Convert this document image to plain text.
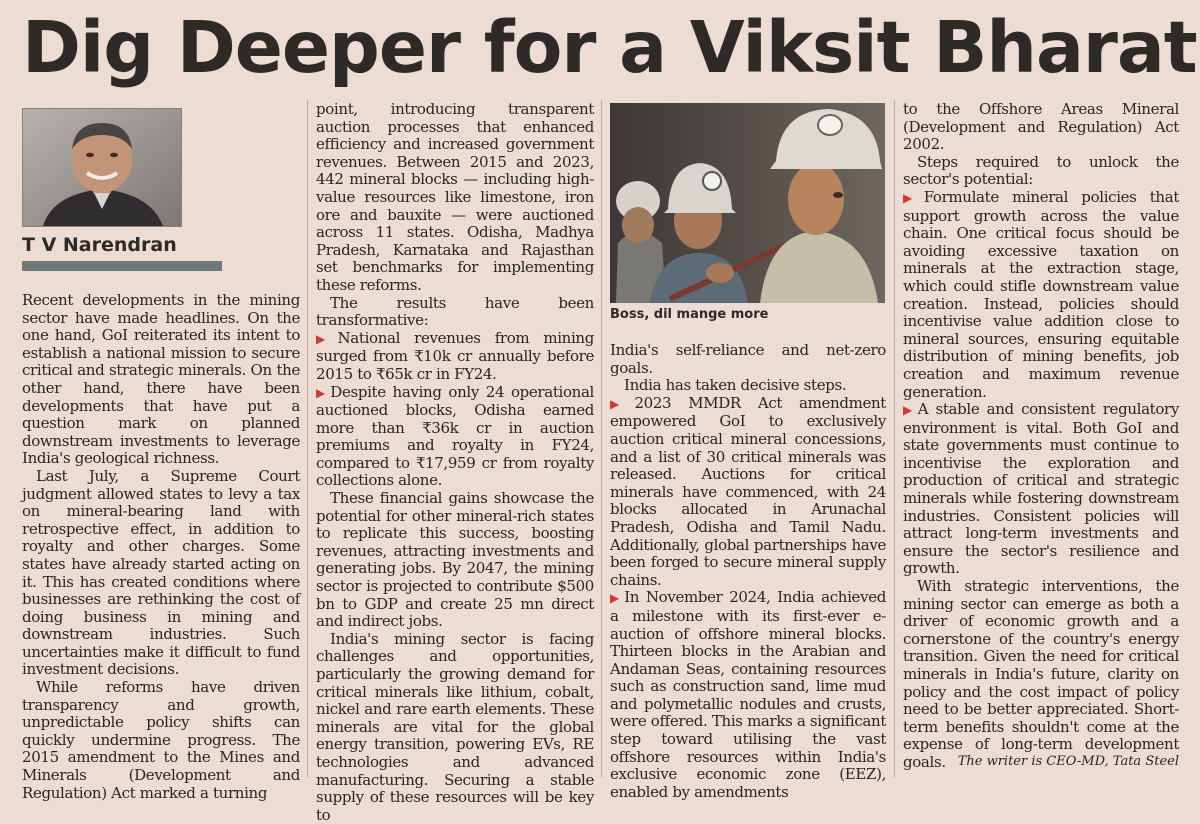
Dig Deeper for a Viksit Bharat
T V Narendran

Recent developments in the mining sector have made headlines. On the one hand, GoI reiterated its intent to establish a national mission to secure critical and strategic minerals. On the other hand, there have been developments that have put a question mark on planned downstream investments to leverage India's geological richness.

Last July, a Supreme Court judgment allowed states to levy a tax on mineral-bearing land with retrospective effect, in addition to royalty and other charges. Some states have already started acting on it. This has created conditions where businesses are rethinking the cost of doing business in mining and downstream industries. Such uncertainties make it difficult to fund investment decisions.

While reforms have driven transparency and growth, unpredictable policy shifts can quickly undermine progress. The 2015 amendment to the Mines and Minerals (Development and Regulation) Act marked a turning

point, introducing transparent auction processes that enhanced efficiency and increased government revenues. Between 2015 and 2023, 442 mineral blocks — including high-value resources like limestone, iron ore and bauxite — were auctioned across 11 states. Odisha, Madhya Pradesh, Karnataka and Rajasthan set benchmarks for implementing these reforms.

The results have been transformative:

▶ National revenues from mining surged from ₹10k cr annually before 2015 to ₹65k cr in FY24.

▶ Despite having only 24 operational auctioned blocks, Odisha earned more than ₹36k cr in auction premiums and royalty in FY24, compared to ₹17,959 cr from royalty collections alone.

These financial gains showcase the potential for other mineral-rich states to replicate this success, boosting revenues, attracting investments and generating jobs. By 2047, the mining sector is projected to contribute $500 bn to GDP and create 25 mn direct and indirect jobs.

India's mining sector is facing challenges and opportunities, particularly the growing demand for critical minerals like lithium, cobalt, nickel and rare earth elements. These minerals are vital for the global energy transition, powering EVs, RE technologies and advanced manufacturing. Securing a stable supply of these resources will be key to

Boss, dil mange more

India's self-reliance and net-zero goals.

India has taken decisive steps.

▶ 2023 MMDR Act amendment empowered GoI to exclusively auction critical mineral concessions, and a list of 30 critical minerals was released. Auctions for critical minerals have commenced, with 24 blocks allocated in Arunachal Pradesh, Odisha and Tamil Nadu. Additionally, global partnerships have been forged to secure mineral supply chains.

▶ In November 2024, India achieved a milestone with its first-ever e-auction of offshore mineral blocks. Thirteen blocks in the Arabian and Andaman Seas, containing resources such as construction sand, lime mud and polymetallic nodules and crusts, were offered. This marks a significant step toward utilising the vast offshore resources within India's exclusive economic zone (EEZ), enabled by amendments

to the Offshore Areas Mineral (Development and Regulation) Act 2002.

Steps required to unlock the sector's potential:

▶ Formulate mineral policies that support growth across the value chain. One critical focus should be avoiding excessive taxation on minerals at the extraction stage, which could stifle downstream value creation. Instead, policies should incentivise value addition close to mineral sources, ensuring equitable distribution of mining benefits, job creation and maximum revenue generation.

▶ A stable and consistent regulatory environment is vital. Both GoI and state governments must continue to incentivise the exploration and production of critical and strategic minerals while fostering downstream industries. Consistent policies will attract long-term investments and ensure the sector's resilience and growth.

With strategic interventions, the mining sector can emerge as both a driver of economic growth and a cornerstone of the country's energy transition. Given the need for critical minerals in India's future, clarity on policy and the cost impact of policy need to be better appreciated. Short-term benefits shouldn't come at the expense of long-term development goals. The writer is CEO-MD, Tata Steel
